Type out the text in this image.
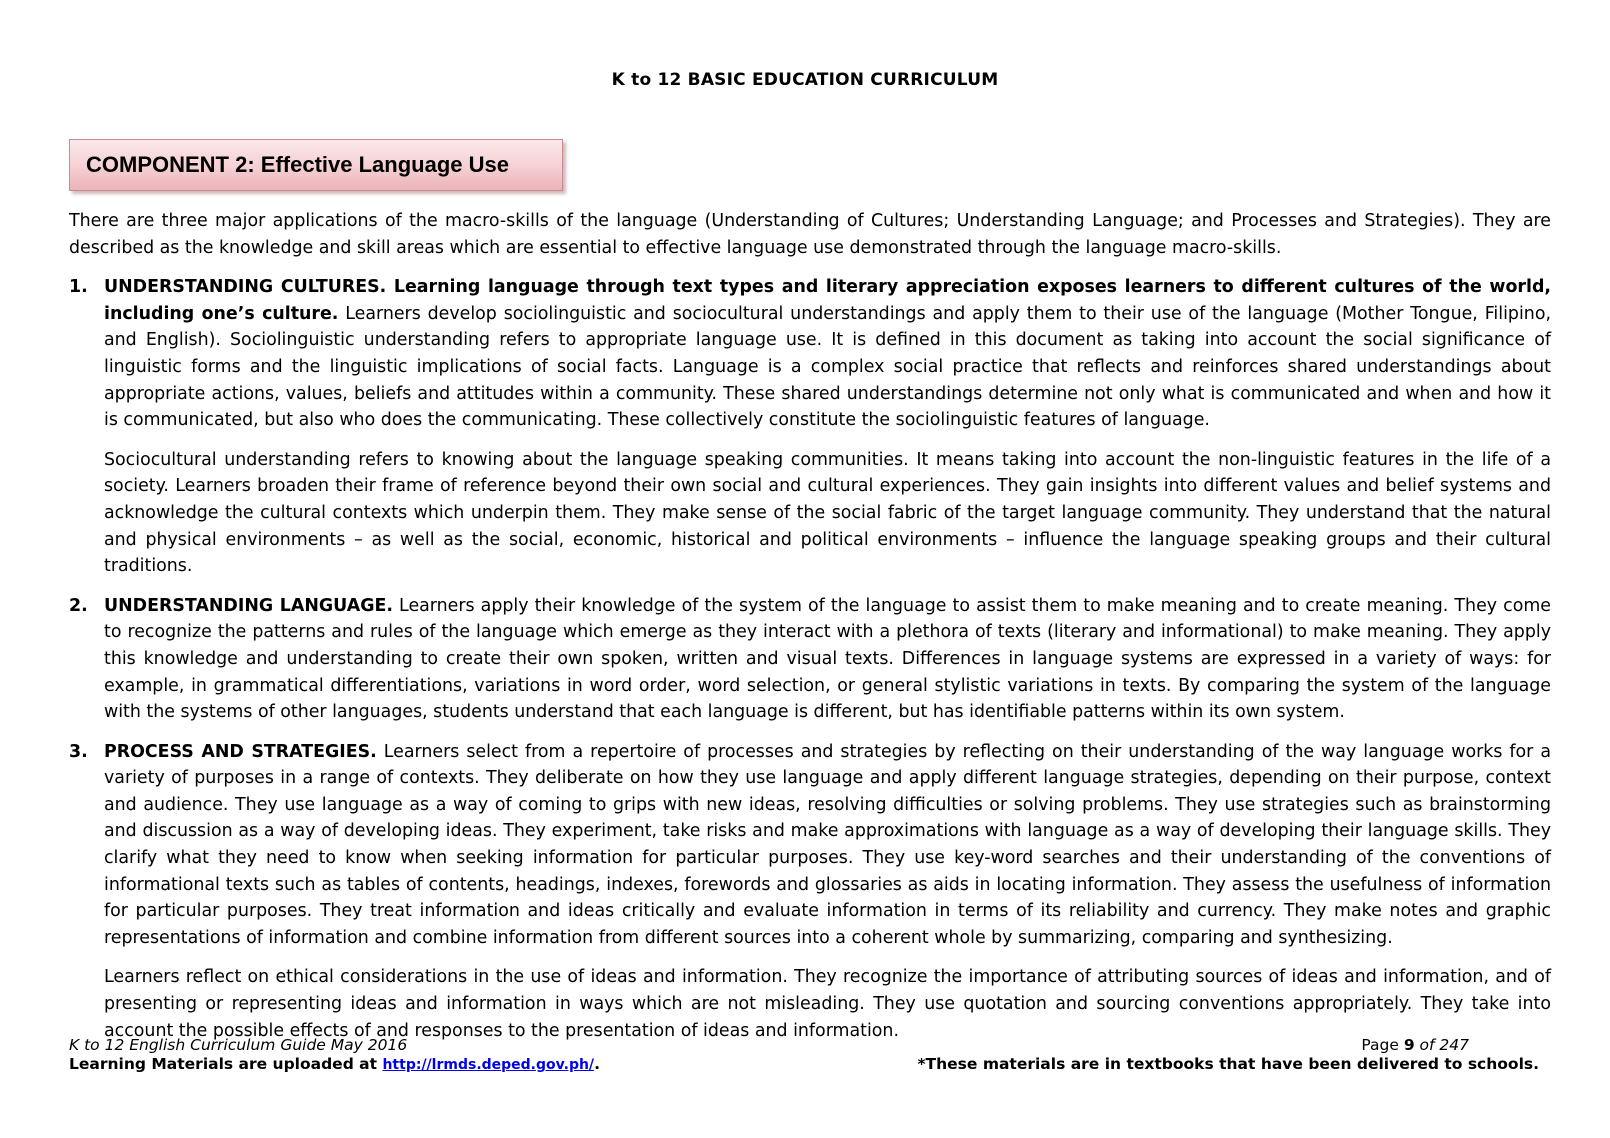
K to 12 BASIC EDUCATION CURRICULUM
COMPONENT 2: Effective Language Use

There are three major applications of the macro-skills of the language (Understanding of Cultures; Understanding Language; and Processes and Strategies). They are described as the knowledge and skill areas which are essential to effective language use demonstrated through the language macro-skills.

1. UNDERSTANDING CULTURES. Learning language through text types and literary appreciation exposes learners to different cultures of the world, including one’s culture. Learners develop sociolinguistic and sociocultural understandings and apply them to their use of the language (Mother Tongue, Filipino, and English). Sociolinguistic understanding refers to appropriate language use. It is defined in this document as taking into account the social significance of linguistic forms and the linguistic implications of social facts. Language is a complex social practice that reflects and reinforces shared understandings about appropriate actions, values, beliefs and attitudes within a community. These shared understandings determine not only what is communicated and when and how it is communicated, but also who does the communicating. These collectively constitute the sociolinguistic features of language.

Sociocultural understanding refers to knowing about the language speaking communities. It means taking into account the non-linguistic features in the life of a society. Learners broaden their frame of reference beyond their own social and cultural experiences. They gain insights into different values and belief systems and acknowledge the cultural contexts which underpin them. They make sense of the social fabric of the target language community. They understand that the natural and physical environments – as well as the social, economic, historical and political environments – influence the language speaking groups and their cultural traditions.

2. UNDERSTANDING LANGUAGE. Learners apply their knowledge of the system of the language to assist them to make meaning and to create meaning. They come to recognize the patterns and rules of the language which emerge as they interact with a plethora of texts (literary and informational) to make meaning. They apply this knowledge and understanding to create their own spoken, written and visual texts. Differences in language systems are expressed in a variety of ways: for example, in grammatical differentiations, variations in word order, word selection, or general stylistic variations in texts. By comparing the system of the language with the systems of other languages, students understand that each language is different, but has identifiable patterns within its own system.

3. PROCESS AND STRATEGIES. Learners select from a repertoire of processes and strategies by reflecting on their understanding of the way language works for a variety of purposes in a range of contexts. They deliberate on how they use language and apply different language strategies, depending on their purpose, context and audience. They use language as a way of coming to grips with new ideas, resolving difficulties or solving problems. They use strategies such as brainstorming and discussion as a way of developing ideas. They experiment, take risks and make approximations with language as a way of developing their language skills. They clarify what they need to know when seeking information for particular purposes. They use key-word searches and their understanding of the conventions of informational texts such as tables of contents, headings, indexes, forewords and glossaries as aids in locating information. They assess the usefulness of information for particular purposes. They treat information and ideas critically and evaluate information in terms of its reliability and currency. They make notes and graphic representations of information and combine information from different sources into a coherent whole by summarizing, comparing and synthesizing.

Learners reflect on ethical considerations in the use of ideas and information. They recognize the importance of attributing sources of ideas and information, and of presenting or representing ideas and information in ways which are not misleading. They use quotation and sourcing conventions appropriately. They take into account the possible effects of and responses to the presentation of ideas and information.

K to 12 English Curriculum Guide May 2016	Page 9 of 247
Learning Materials are uploaded at http://lrmds.deped.gov.ph/.	*These materials are in textbooks that have been delivered to schools.
